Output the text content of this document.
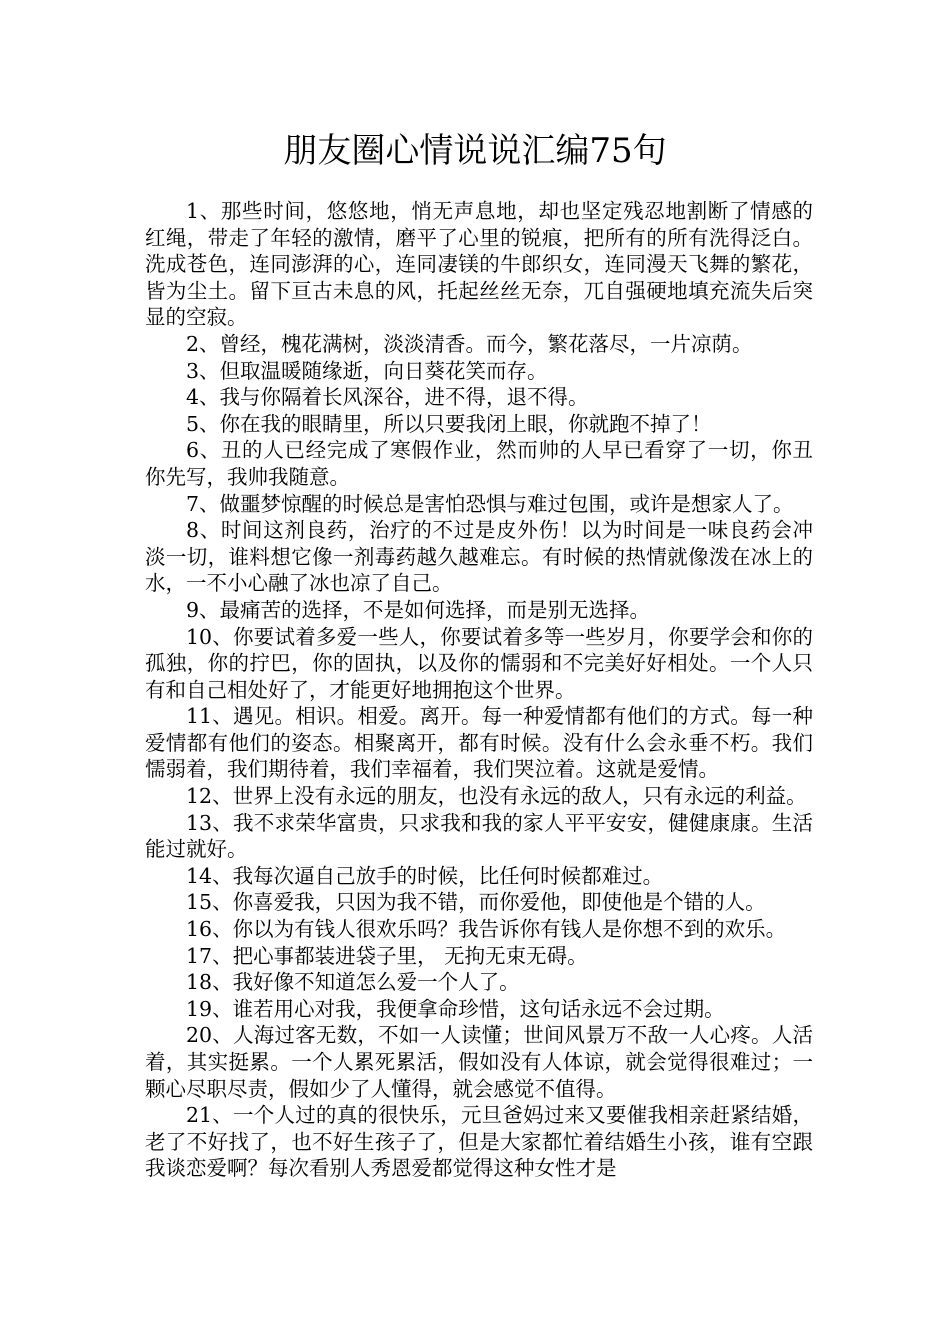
朋友圈心情说说汇编75句

1、那些时间，悠悠地，悄无声息地，却也坚定残忍地割断了情感的红绳，带走了年轻的激情，磨平了心里的锐痕，把所有的所有洗得泛白。洗成苍色，连同澎湃的心，连同凄镁的牛郎织女，连同漫天飞舞的繁花，皆为尘土。留下亘古未息的风，托起丝丝无奈，兀自强硬地填充流失后突显的空寂。

2、曾经，槐花满树，淡淡清香。而今，繁花落尽，一片凉荫。

3、但取温暖随缘逝，向日葵花笑而存。

4、我与你隔着长风深谷，进不得，退不得。

5、你在我的眼睛里，所以只要我闭上眼，你就跑不掉了！

6、丑的人已经完成了寒假作业，然而帅的人早已看穿了一切，你丑你先写，我帅我随意。

7、做噩梦惊醒的时候总是害怕恐惧与难过包围，或许是想家人了。

8、时间这剂良药，治疗的不过是皮外伤！以为时间是一味良药会冲淡一切，谁料想它像一剂毒药越久越难忘。有时候的热情就像泼在冰上的水，一不小心融了冰也凉了自己。

9、最痛苦的选择，不是如何选择，而是别无选择。

10、你要试着多爱一些人，你要试着多等一些岁月，你要学会和你的孤独，你的拧巴，你的固执，以及你的懦弱和不完美好好相处。一个人只有和自己相处好了，才能更好地拥抱这个世界。

11、遇见。相识。相爱。离开。每一种爱情都有他们的方式。每一种爱情都有他们的姿态。相聚离开，都有时候。没有什么会永垂不朽。我们懦弱着，我们期待着，我们幸福着，我们哭泣着。这就是爱情。

12、世界上没有永远的朋友，也没有永远的敌人，只有永远的利益。

13、我不求荣华富贵，只求我和我的家人平平安安，健健康康。生活能过就好。

14、我每次逼自己放手的时候，比任何时候都难过。

15、你喜爱我，只因为我不错，而你爱他，即使他是个错的人。

16、你以为有钱人很欢乐吗？我告诉你有钱人是你想不到的欢乐。

17、把心事都装进袋子里， 无拘无束无碍。

18、我好像不知道怎么爱一个人了。

19、谁若用心对我，我便拿命珍惜，这句话永远不会过期。

20、人海过客无数，不如一人读懂；世间风景万不敌一人心疼。人活着，其实挺累。一个人累死累活，假如没有人体谅，就会觉得很难过；一颗心尽职尽责，假如少了人懂得，就会感觉不值得。

21、一个人过的真的很快乐，元旦爸妈过来又要催我相亲赶紧结婚，老了不好找了，也不好生孩子了，但是大家都忙着结婚生小孩，谁有空跟我谈恋爱啊？每次看别人秀恩爱都觉得这种女性才是
